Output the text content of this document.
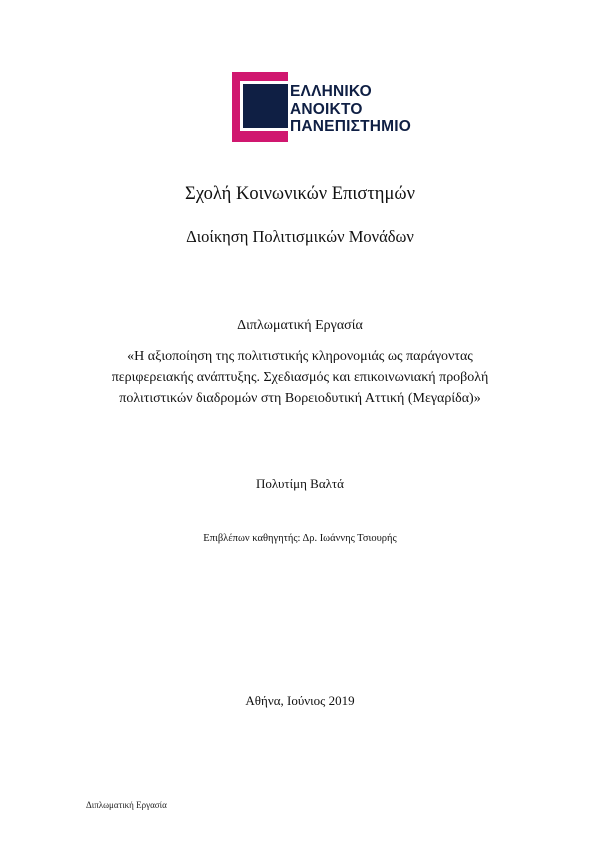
ΕΛΛΗΝΙΚΟ
ΑΝΟΙΚΤΟ
ΠΑΝΕΠΙΣΤΗΜΙΟ
Σχολή Κοινωνικών Επιστημών
Διοίκηση Πολιτισμικών Μονάδων
Διπλωματική Εργασία
«Η αξιοποίηση της πολιτιστικής κληρονομιάς ως παράγοντας
περιφερειακής ανάπτυξης. Σχεδιασμός και επικοινωνιακή προβολή
πολιτιστικών διαδρομών στη Βορειοδυτική Αττική (Μεγαρίδα)»
Πολυτίμη Βαλτά
Επιβλέπων καθηγητής: Δρ. Ιωάννης Τσιουρής
Αθήνα, Ιούνιος 2019
Διπλωματική Εργασία
